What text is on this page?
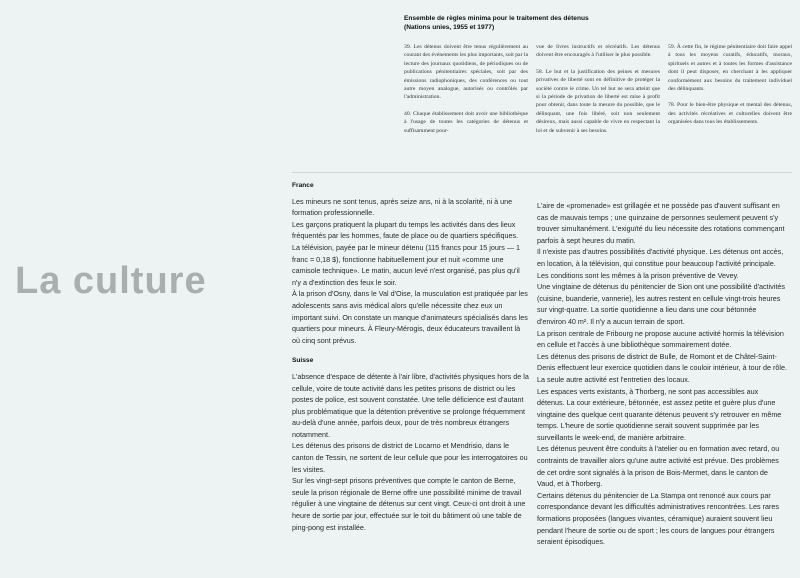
Ensemble de règles minima pour le traitement des détenus
(Nations unies, 1955 et 1977)

39. Les détenus doivent être tenus régulièrement au courant des événements les plus importants, soit par la lecture des journaux quotidiens, de périodiques ou de publications pénitentiaires spéciales, soit par des émissions radiophoniques, des conférences ou tout autre moyen analogue, autorisés ou contrôlés par l'administration.

40. Chaque établissement doit avoir une bibliothèque à l'usage de toutes les catégories de détenus et suffisamment pour-

vue de livres instructifs et récréatifs. Les détenus doivent être encouragés à l'utiliser le plus possible.

58. Le but et la justification des peines et mesures privatives de liberté sont en définitive de protéger la société contre le crime. Un tel but ne sera atteint que si la période de privation de liberté est mise à profit pour obtenir, dans toute la mesure du possible, que le délinquant, une fois libéré, soit non seulement désireux, mais aussi capable de vivre en respectant la loi et de subvenir à ses besoins.

59. À cette fin, le régime pénitentiaire doit faire appel à tous les moyens curatifs, éducatifs, moraux, spirituels et autres et à toutes les formes d'assistance dont il peut disposer, en cherchant à les appliquer conformément aux besoins du traitement individuel des délinquants.

78. Pour le bien-être physique et mental des détenus, des activités récréatives et culturelles doivent être organisées dans tous les établissements.

La culture

France

Les mineurs ne sont tenus, après seize ans, ni à la scolarité, ni à une formation professionnelle.

Les garçons pratiquent la plupart du temps les activités dans des lieux fréquentés par les hommes, faute de place ou de quartiers spécifiques.

La télévision, payée par le mineur détenu (115 francs pour 15 jours — 1 franc = 0,18 $), fonctionne habituellement jour et nuit «comme une camisole technique». Le matin, aucun levé n'est organisé, pas plus qu'il n'y a d'extinction des feux le soir.

À la prison d'Osny, dans le Val d'Oise, la musculation est pratiquée par les adolescents sans avis médical alors qu'elle nécessite chez eux un important suivi. On constate un manque d'animateurs spécialisés dans les quartiers pour mineurs. À Fleury-Mérogis, deux éducateurs travaillent là où cinq sont prévus.

Suisse

L'absence d'espace de détente à l'air libre, d'activités physiques hors de la cellule, voire de toute activité dans les petites prisons de district ou les postes de police, est souvent constatée. Une telle déficience est d'autant plus problématique que la détention préventive se prolonge fréquemment au-delà d'une année, parfois deux, pour de très nombreux étrangers notamment.

Les détenus des prisons de district de Locarno et Mendrisio, dans le canton de Tessin, ne sortent de leur cellule que pour les interrogatoires ou les visites.

Sur les vingt-sept prisons préventives que compte le canton de Berne, seule la prison régionale de Berne offre une possibilité minime de travail régulier à une vingtaine de détenus sur cent vingt. Ceux-ci ont droit à une heure de sortie par jour, effectuée sur le toit du bâtiment où une table de ping-pong est installée.

L'aire de «promenade» est grillagée et ne possède pas d'auvent suffisant en cas de mauvais temps ; une quinzaine de personnes seulement peuvent s'y trouver simultanément. L'exiguïté du lieu nécessite des rotations commençant parfois à sept heures du matin.

Il n'existe pas d'autres possibilités d'activité physique. Les détenus ont accès, en location, à la télévision, qui constitue pour beaucoup l'activité principale. Les conditions sont les mêmes à la prison préventive de Vevey.

Une vingtaine de détenus du pénitencier de Sion ont une possibilité d'activités (cuisine, buanderie, vannerie), les autres restent en cellule vingt-trois heures sur vingt-quatre. La sortie quotidienne a lieu dans une cour bétonnée d'environ 40 m². Il n'y a aucun terrain de sport.

La prison centrale de Fribourg ne propose aucune activité hormis la télévision en cellule et l'accès à une bibliothèque sommairement dotée.

Les détenus des prisons de district de Bulle, de Romont et de Châtel-Saint-Denis effectuent leur exercice quotidien dans le couloir intérieur, à tour de rôle. La seule autre activité est l'entretien des locaux.

Les espaces verts existants, à Thorberg, ne sont pas accessibles aux détenus. La cour extérieure, bétonnée, est assez petite et guère plus d'une vingtaine des quelque cent quarante détenus peuvent s'y retrouver en même temps. L'heure de sortie quotidienne serait souvent supprimée par les surveillants le week-end, de manière arbitraire.

Les détenus peuvent être conduits à l'atelier ou en formation avec retard, ou contraints de travailler alors qu'une autre activité est prévue. Des problèmes de cet ordre sont signalés à la prison de Bois-Mermet, dans le canton de Vaud, et à Thorberg.

Certains détenus du pénitencier de La Stampa ont renoncé aux cours par correspondance devant les difficultés administratives rencontrées. Les rares formations proposées (langues vivantes, céramique) auraient souvent lieu pendant l'heure de sortie ou de sport ; les cours de langues pour étrangers seraient épisodiques.
